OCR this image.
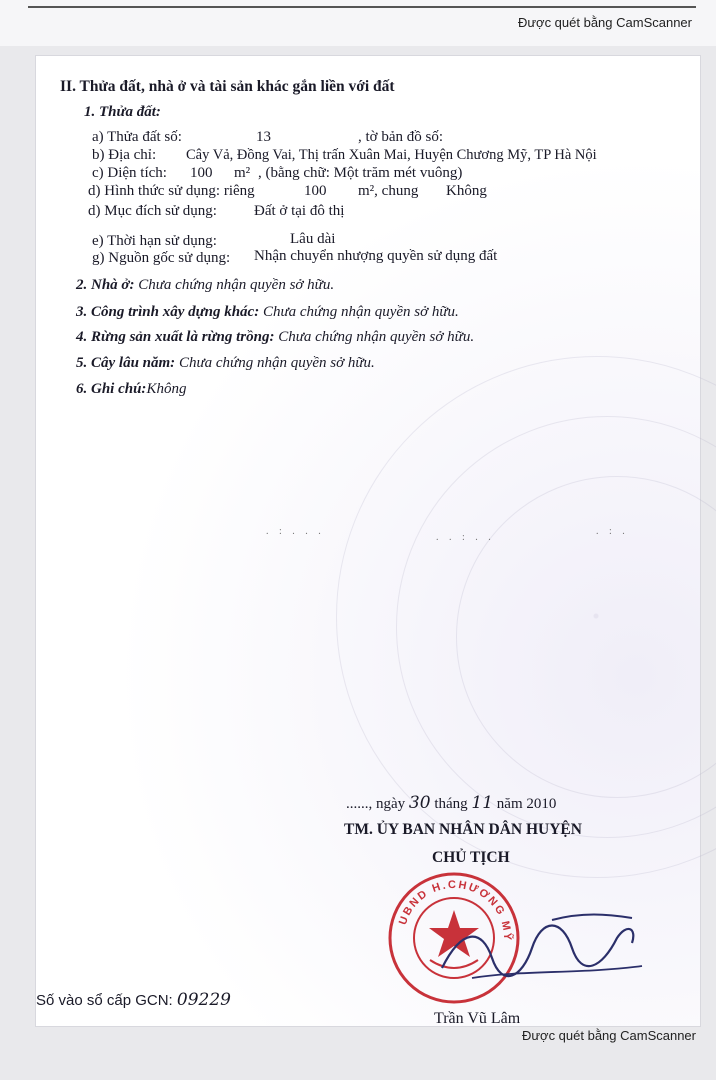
Được quét bằng CamScanner
II. Thửa đất, nhà ở và tài sản khác gắn liền với đất
1. Thửa đất:
a) Thửa đất số:	13	, tờ bản đồ số:
b) Địa chỉ: Cây Vả, Đồng Vai, Thị trấn Xuân Mai, Huyện Chương Mỹ, TP Hà Nội
c) Diện tích: 100 m² , (bằng chữ: Một trăm mét vuông)
d) Hình thức sử dụng: riêng	100 m², chung Không
d) Mục đích sử dụng: Đất ở tại đô thị
e) Thời hạn sử dụng:	Lâu dài
g) Nguồn gốc sử dụng: Nhận chuyển nhượng quyền sử dụng đất
2. Nhà ở: Chưa chứng nhận quyền sở hữu.
3. Công trình xây dựng khác: Chưa chứng nhận quyền sở hữu.
4. Rừng sản xuất là rừng trồng: Chưa chứng nhận quyền sở hữu.
5. Cây lâu năm: Chưa chứng nhận quyền sở hữu.
6. Ghi chú:Không
. : . . .
. . : . .
. : .
......, ngày 30 tháng 11 năm 2010
TM. ỦY BAN NHÂN DÂN HUYỆN
CHỦ TỊCH
UBND H.CHƯƠNG MỸ
Số vào sổ cấp GCN: 09229
Trần Vũ Lâm
Được quét bằng CamScanner
